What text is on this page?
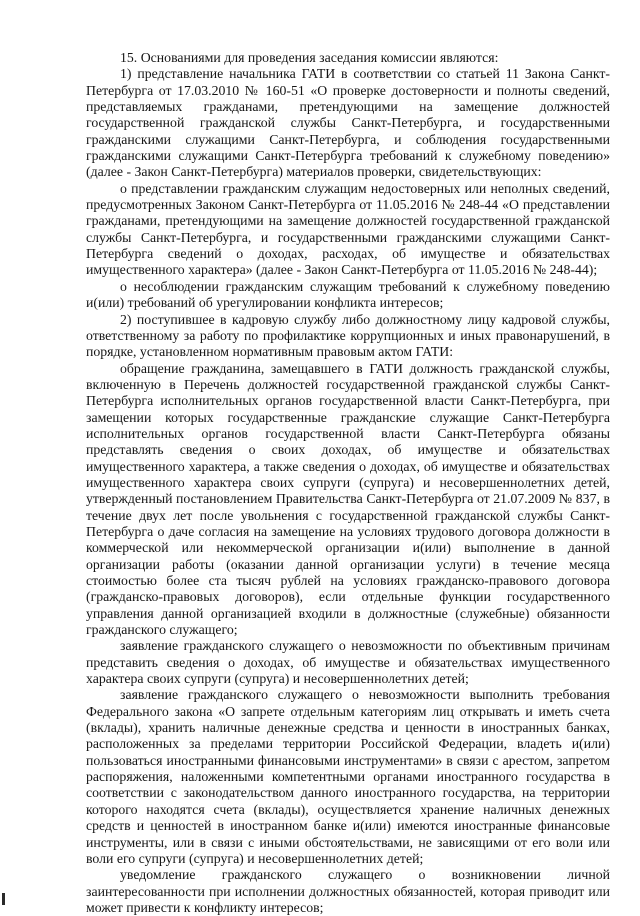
15. Основаниями для проведения заседания комиссии являются:

1) представление начальника ГАТИ в соответствии со статьей 11 Закона Санкт-Петербурга от 17.03.2010 № 160-51 «О проверке достоверности и полноты сведений, представляемых гражданами, претендующими на замещение должностей государственной гражданской службы Санкт-Петербурга, и государственными гражданскими служащими Санкт-Петербурга, и соблюдения государственными гражданскими служащими Санкт-Петербурга требований к служебному поведению» (далее - Закон Санкт-Петербурга) материалов проверки, свидетельствующих:

о представлении гражданским служащим недостоверных или неполных сведений, предусмотренных Законом Санкт-Петербурга от 11.05.2016 № 248-44 «О представлении гражданами, претендующими на замещение должностей государственной гражданской службы Санкт-Петербурга, и государственными гражданскими служащими Санкт-Петербурга сведений о доходах, расходах, об имуществе и обязательствах имущественного характера» (далее - Закон Санкт-Петербурга от 11.05.2016 № 248-44);

о несоблюдении гражданским служащим требований к служебному поведению и(или) требований об урегулировании конфликта интересов;

2) поступившее в кадровую службу либо должностному лицу кадровой службы, ответственному за работу по профилактике коррупционных и иных правонарушений, в порядке, установленном нормативным правовым актом ГАТИ:

обращение гражданина, замещавшего в ГАТИ должность гражданской службы, включенную в Перечень должностей государственной гражданской службы Санкт-Петербурга исполнительных органов государственной власти Санкт-Петербурга, при замещении которых государственные гражданские служащие Санкт-Петербурга исполнительных органов государственной власти Санкт-Петербурга обязаны представлять сведения о своих доходах, об имуществе и обязательствах имущественного характера, а также сведения о доходах, об имуществе и обязательствах имущественного характера своих супруги (супруга) и несовершеннолетних детей, утвержденный постановлением Правительства Санкт-Петербурга от 21.07.2009 № 837, в течение двух лет после увольнения с государственной гражданской службы Санкт-Петербурга о даче согласия на замещение на условиях трудового договора должности в коммерческой или некоммерческой организации и(или) выполнение в данной организации работы (оказании данной организации услуги) в течение месяца стоимостью более ста тысяч рублей на условиях гражданско-правового договора (гражданско-правовых договоров), если отдельные функции государственного управления данной организацией входили в должностные (служебные) обязанности гражданского служащего;

заявление гражданского служащего о невозможности по объективным причинам представить сведения о доходах, об имуществе и обязательствах имущественного характера своих супруги (супруга) и несовершеннолетних детей;

заявление гражданского служащего о невозможности выполнить требования Федерального закона «О запрете отдельным категориям лиц открывать и иметь счета (вклады), хранить наличные денежные средства и ценности в иностранных банках, расположенных за пределами территории Российской Федерации, владеть и(или) пользоваться иностранными финансовыми инструментами» в связи с арестом, запретом распоряжения, наложенными компетентными органами иностранного государства в соответствии с законодательством данного иностранного государства, на территории которого находятся счета (вклады), осуществляется хранение наличных денежных средств и ценностей в иностранном банке и(или) имеются иностранные финансовые инструменты, или в связи с иными обстоятельствами, не зависящими от его воли или воли его супруги (супруга) и несовершеннолетних детей;

уведомление гражданского служащего о возникновении личной заинтересованности при исполнении должностных обязанностей, которая приводит или может привести к конфликту интересов;
